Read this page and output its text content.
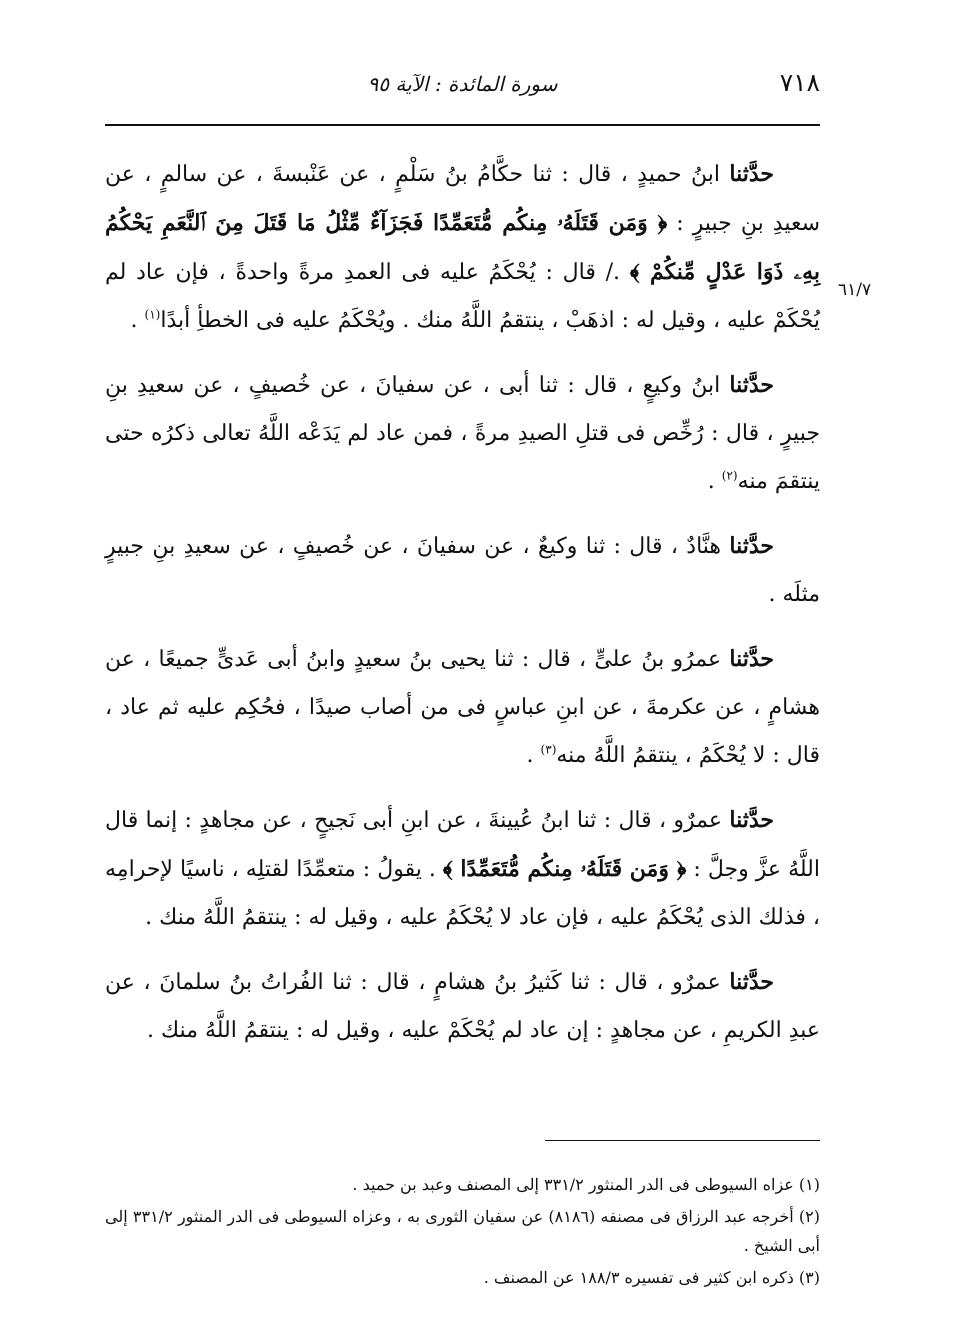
٧١٨
سورة المائدة : الآية ٩٥
٦١/٧

حدَّثنا ابنُ حميدٍ ، قال : ثنا حكَّامُ بنُ سَلْمٍ ، عن عَنْبسةَ ، عن سالمٍ ، عن سعيدِ بنِ جبيرٍ : ﴿ وَمَن قَتَلَهُۥ مِنكُم مُّتَعَمِّدًا فَجَزَآءٌ مِّثْلُ مَا قَتَلَ مِنَ ٱلنَّعَمِ يَحْكُمُ بِهِۦ ذَوَا عَدْلٍ مِّنكُمْ ﴾ ./ قال : يُحْكَمُ عليه فى العمدِ مرةً واحدةً ، فإن عاد لم يُحْكَمْ عليه ، وقيل له : اذهَبْ ، ينتقمُ اللَّهُ منك . ويُحْكَمُ عليه فى الخطأِ أبدًا$^{(١)}$ .

حدَّثنا ابنُ وكيعٍ ، قال : ثنا أبى ، عن سفيانَ ، عن خُصيفٍ ، عن سعيدِ بنِ جبيرٍ ، قال : رُخِّص فى قتلِ الصيدِ مرةً ، فمن عاد لم يَدَعْه اللَّهُ تعالى ذكرُه حتى ينتقمَ منه$^{(٢)}$ .

حدَّثنا هنَّادٌ ، قال : ثنا وكيعٌ ، عن سفيانَ ، عن خُصيفٍ ، عن سعيدِ بنِ جبيرٍ مثلَه .

حدَّثنا عمرُو بنُ علىٍّ ، قال : ثنا يحيى بنُ سعيدٍ وابنُ أبى عَدىٍّ جميعًا ، عن هشامٍ ، عن عكرمةَ ، عن ابنِ عباسٍ فى من أصاب صيدًا ، فحُكِم عليه ثم عاد ، قال : لا يُحْكَمُ ، ينتقمُ اللَّهُ منه$^{(٣)}$ .

حدَّثنا عمرٌو ، قال : ثنا ابنُ عُيينةَ ، عن ابنِ أبى نَجيحٍ ، عن مجاهدٍ : إنما قال اللَّهُ عزَّ وجلَّ : ﴿ وَمَن قَتَلَهُۥ مِنكُم مُّتَعَمِّدًا ﴾ . يقولُ : متعمِّدًا لقتلِه ، ناسيًا لإحرامِه ، فذلك الذى يُحْكَمُ عليه ، فإن عاد لا يُحْكَمُ عليه ، وقيل له : ينتقمُ اللَّهُ منك .

حدَّثنا عمرٌو ، قال : ثنا كَثيرُ بنُ هشامٍ ، قال : ثنا الفُراتُ بنُ سلمانَ ، عن عبدِ الكريمِ ، عن مجاهدٍ : إن عاد لم يُحْكَمْ عليه ، وقيل له : ينتقمُ اللَّهُ منك .

(١) عزاه السيوطى فى الدر المنثور ٣٣١/٢ إلى المصنف وعبد بن حميد .

(٢) أخرجه عبد الرزاق فى مصنفه (٨١٨٦) عن سفيان الثورى به ، وعزاه السيوطى فى الدر المنثور ٣٣١/٢ إلى أبى الشيخ .

(٣) ذكره ابن كثير فى تفسيره ١٨٨/٣ عن المصنف .
